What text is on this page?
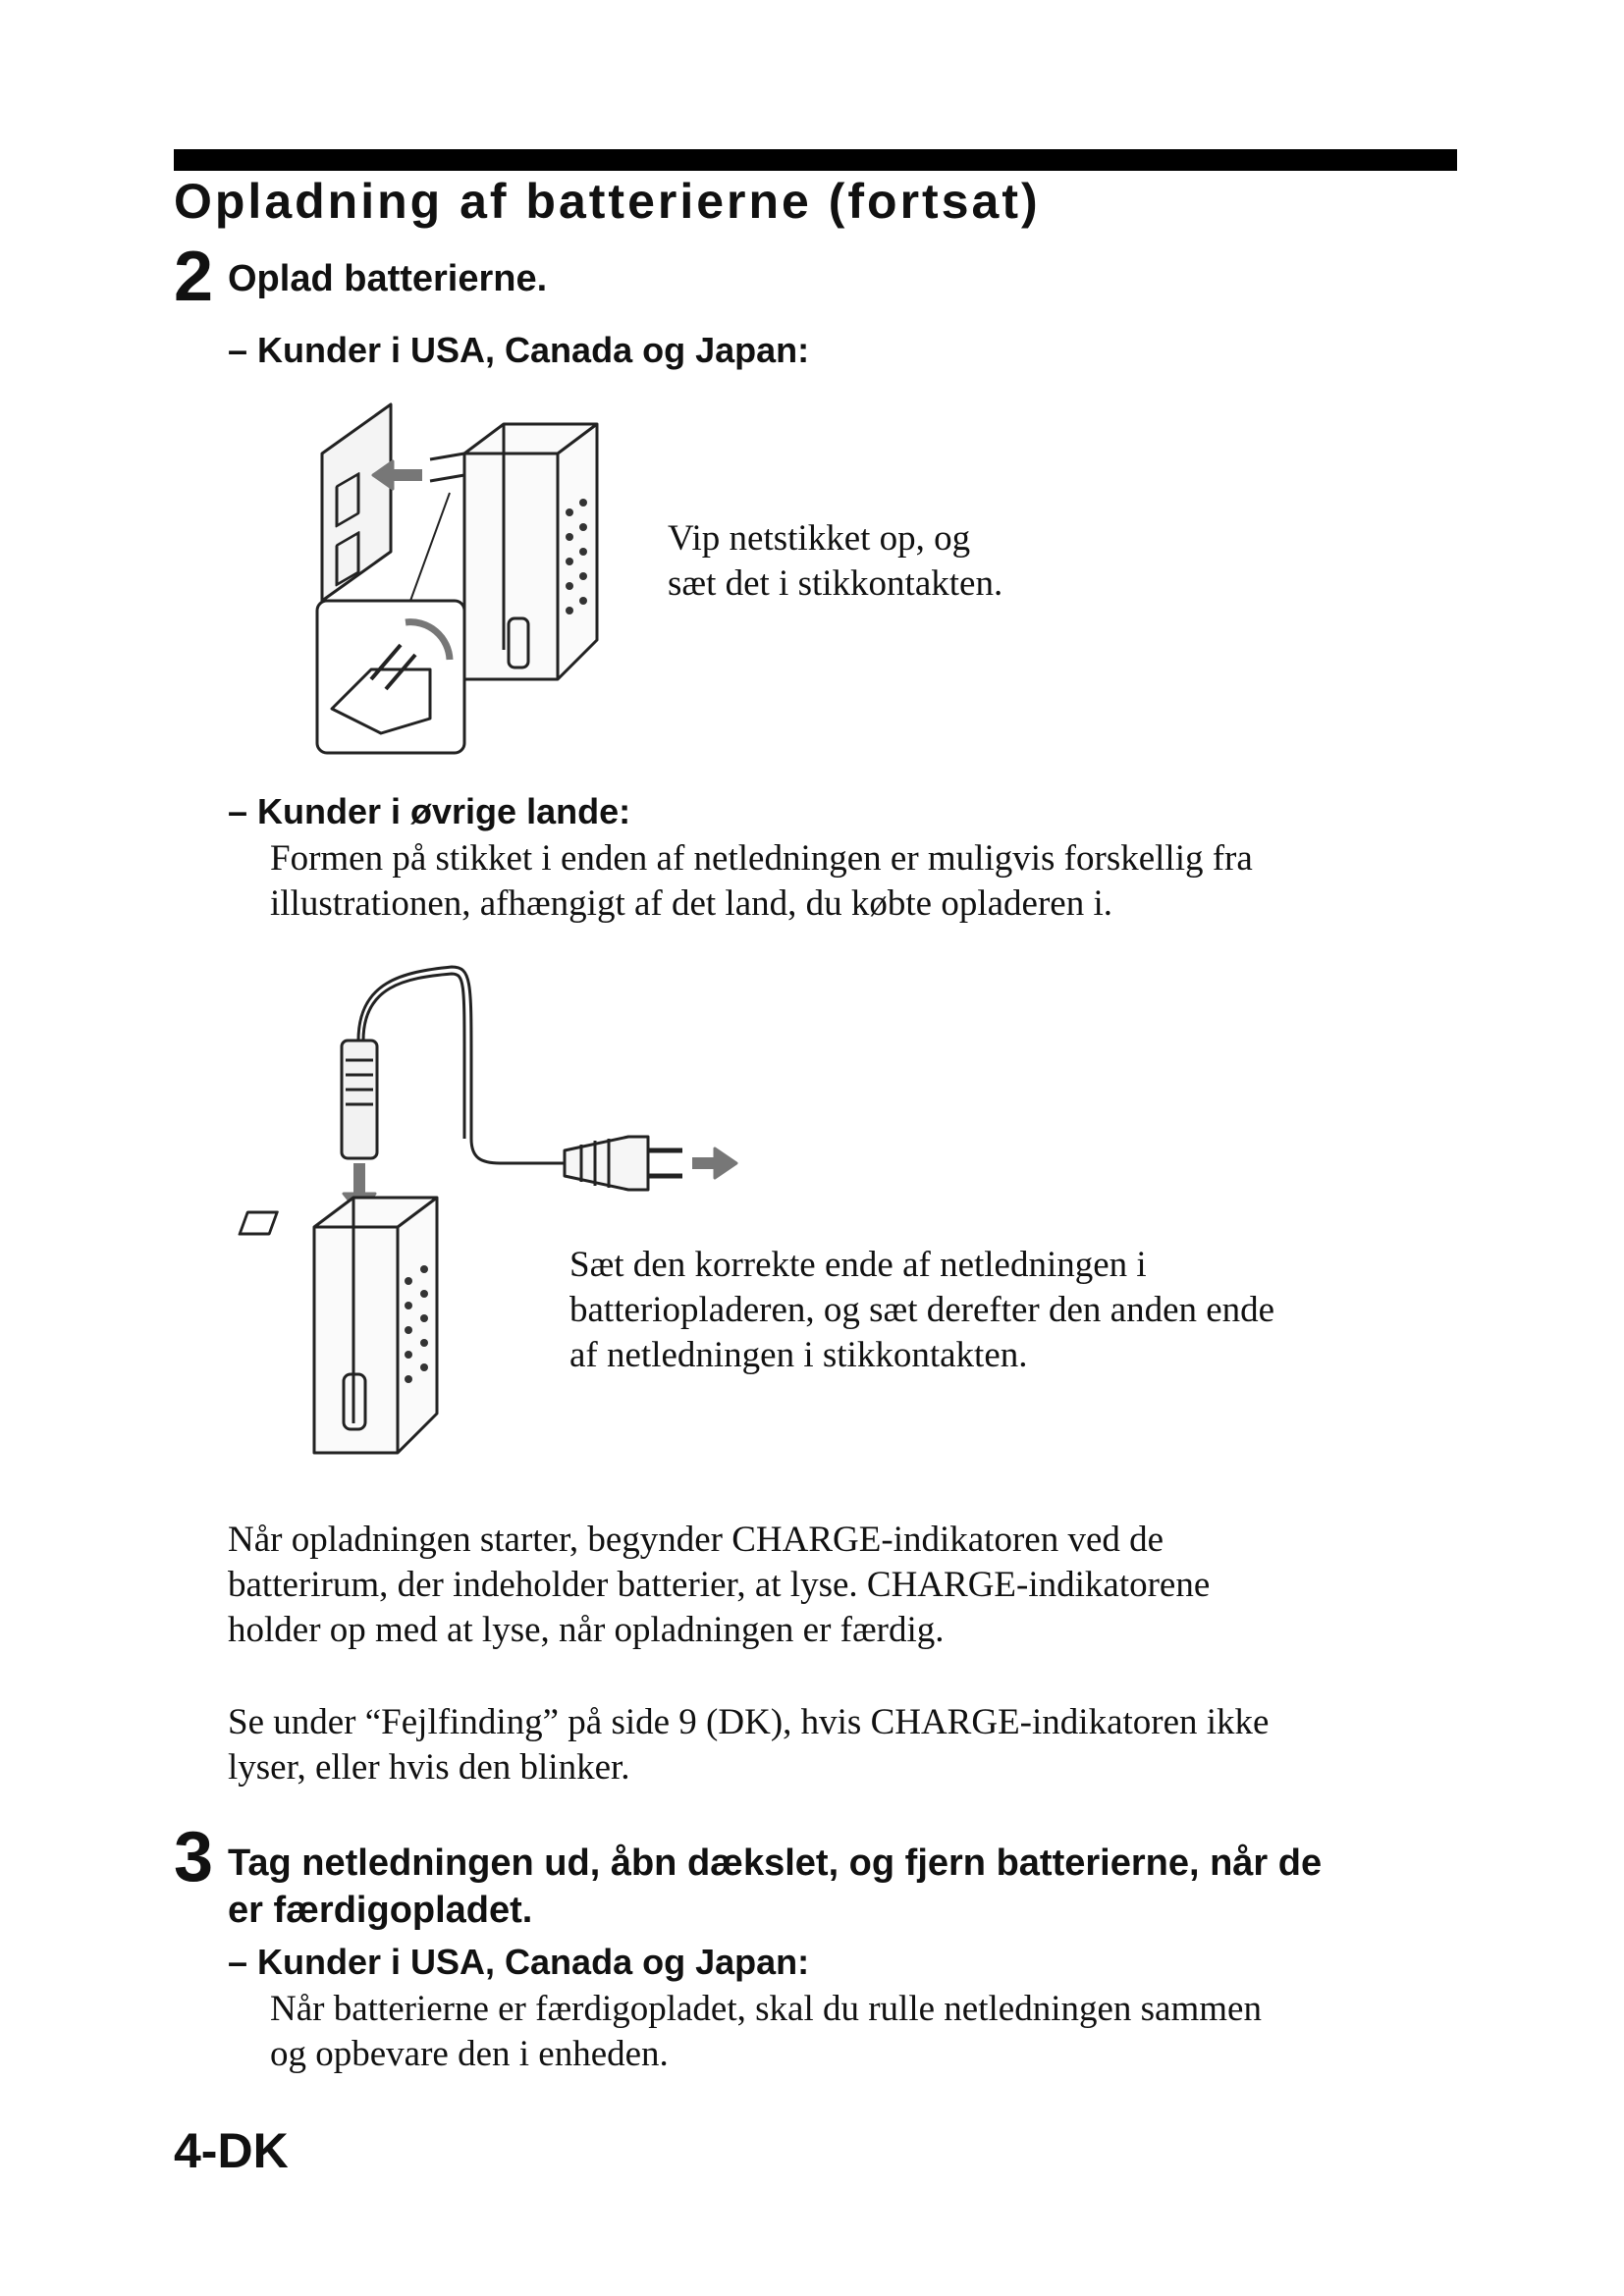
Opladning af batterierne (fortsat)
2 Oplad batterierne.
– Kunder i USA, Canada og Japan:
Vip netstikket op, og
sæt det i stikkontakten.
– Kunder i øvrige lande:
Formen på stikket i enden af netledningen er muligvis forskellig fra
illustrationen, afhængigt af det land, du købte opladeren i.
Sæt den korrekte ende af netledningen i
batteriopladeren, og sæt derefter den anden ende
af netledningen i stikkontakten.
Når opladningen starter, begynder CHARGE-indikatoren ved de
batterirum, der indeholder batterier, at lyse. CHARGE-indikatorene
holder op med at lyse, når opladningen er færdig.
Se under “Fejlfinding” på side 9 (DK), hvis CHARGE-indikatoren ikke
lyser, eller hvis den blinker.
3 Tag netledningen ud, åbn dækslet, og fjern batterierne, når de
er færdigopladet.
– Kunder i USA, Canada og Japan:
Når batterierne er færdigopladet, skal du rulle netledningen sammen
og opbevare den i enheden.
4-DK
